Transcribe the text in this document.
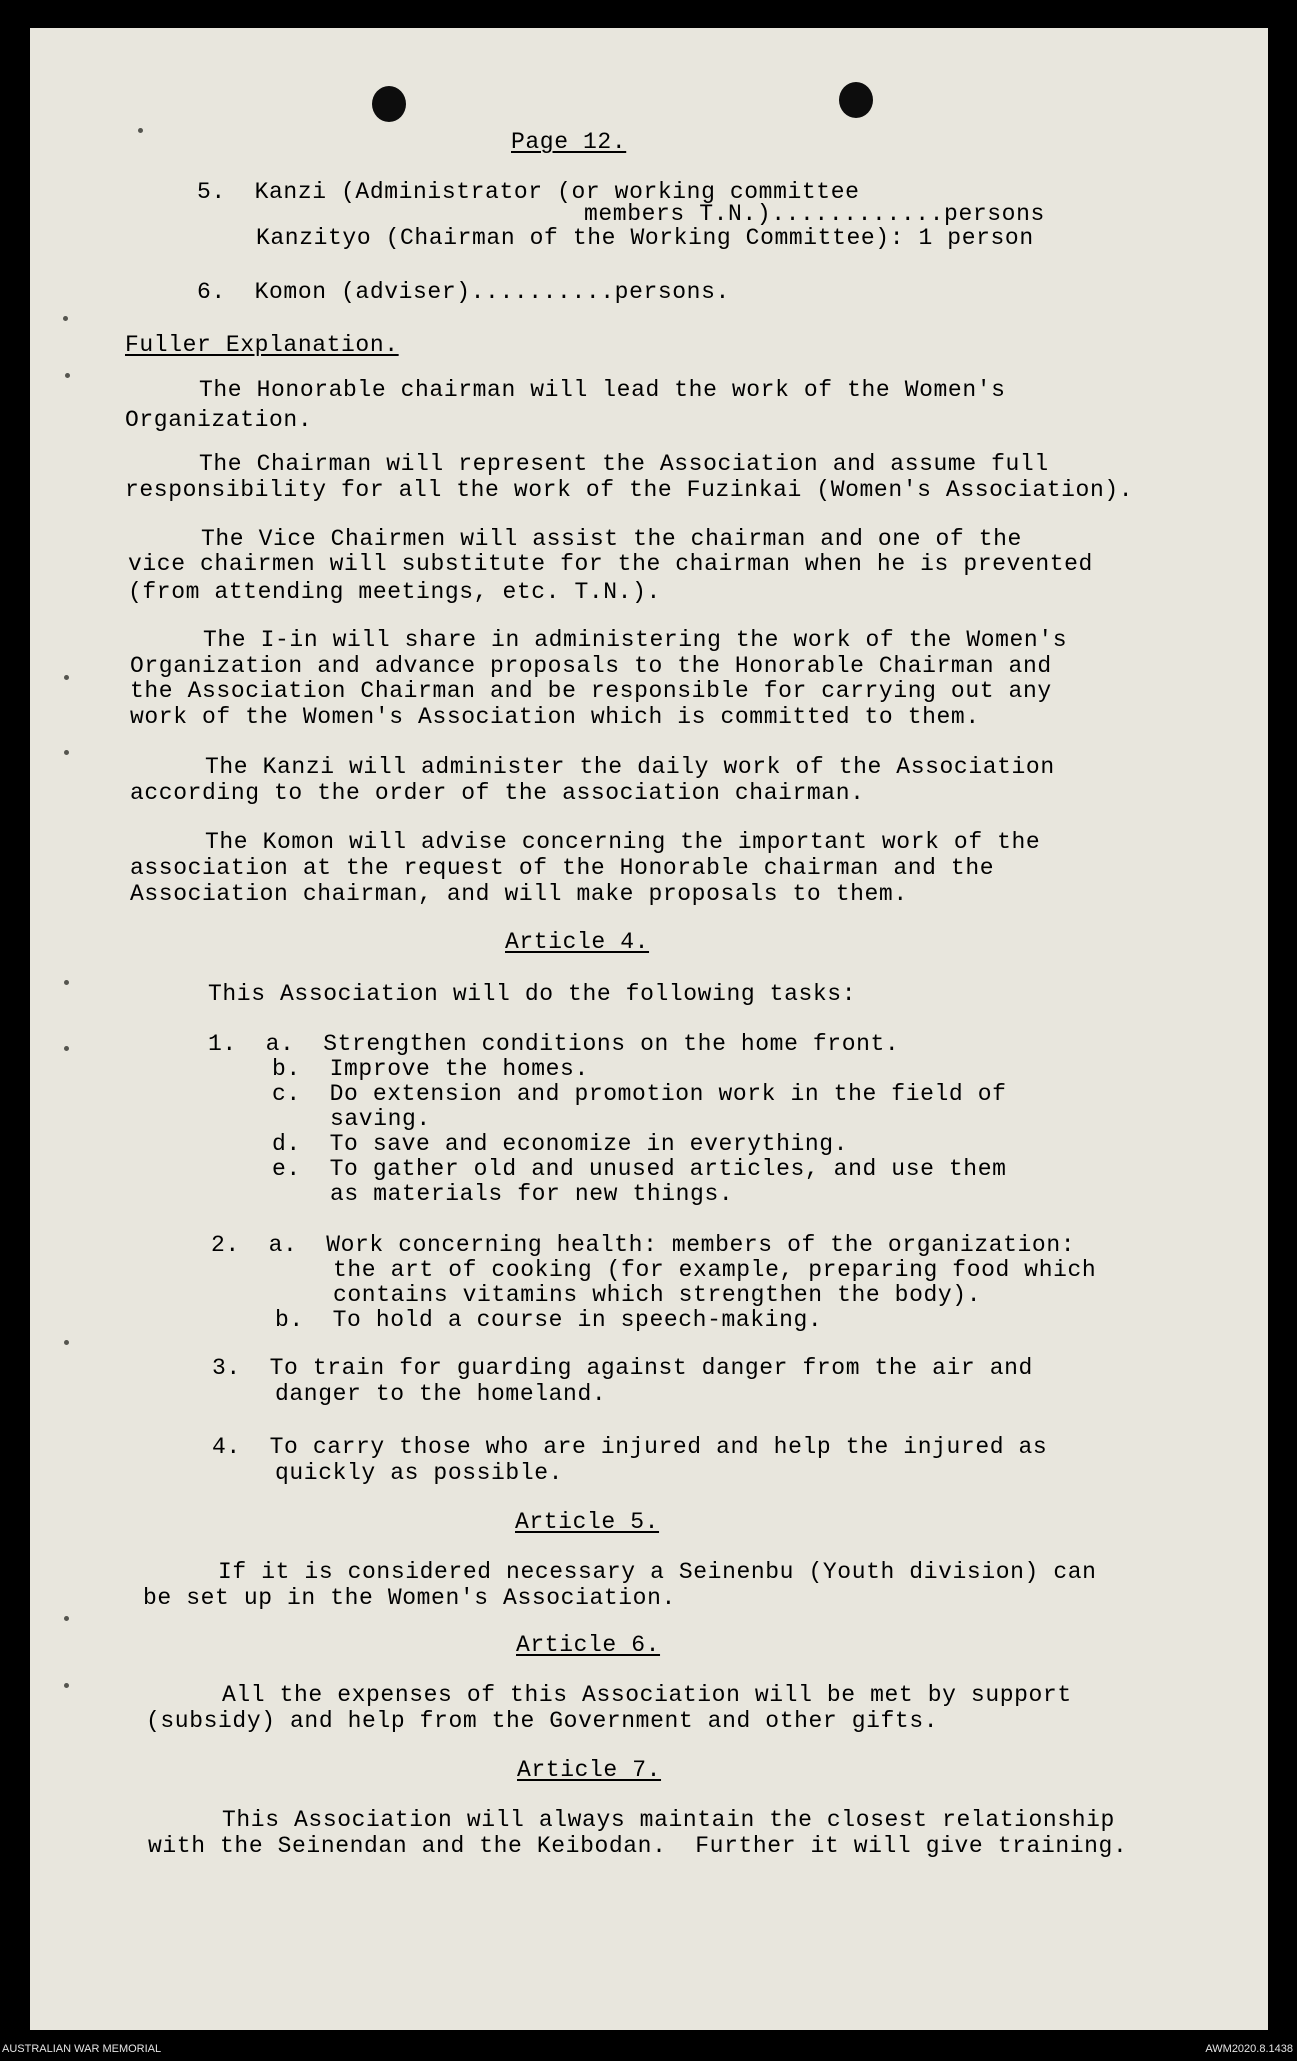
Page 12.
5.  Kanzi (Administrator (or working committee
members T.N.)............persons
Kanzityo (Chairman of the Working Committee): 1 person
6.  Komon (adviser)..........persons.
Fuller Explanation.
The Honorable chairman will lead the work of the Women's
Organization.
The Chairman will represent the Association and assume full
responsibility for all the work of the Fuzinkai (Women's Association).
The Vice Chairmen will assist the chairman and one of the
vice chairmen will substitute for the chairman when he is prevented
(from attending meetings, etc. T.N.).
The I-in will share in administering the work of the Women's
Organization and advance proposals to the Honorable Chairman and
the Association Chairman and be responsible for carrying out any
work of the Women's Association which is committed to them.
The Kanzi will administer the daily work of the Association
according to the order of the association chairman.
The Komon will advise concerning the important work of the
association at the request of the Honorable chairman and the
Association chairman, and will make proposals to them.
Article 4.
This Association will do the following tasks:
1.  a.  Strengthen conditions on the home front.
b.  Improve the homes.
c.  Do extension and promotion work in the field of
saving.
d.  To save and economize in everything.
e.  To gather old and unused articles, and use them
as materials for new things.
2.  a.  Work concerning health: members of the organization:
the art of cooking (for example, preparing food which
contains vitamins which strengthen the body).
b.  To hold a course in speech-making.
3.  To train for guarding against danger from the air and
danger to the homeland.
4.  To carry those who are injured and help the injured as
quickly as possible.
Article 5.
If it is considered necessary a Seinenbu (Youth division) can
be set up in the Women's Association.
Article 6.
All the expenses of this Association will be met by support
(subsidy) and help from the Government and other gifts.
Article 7.
This Association will always maintain the closest relationship
with the Seinendan and the Keibodan.  Further it will give training.
AUSTRALIAN WAR MEMORIAL	AWM2020.8.1438
